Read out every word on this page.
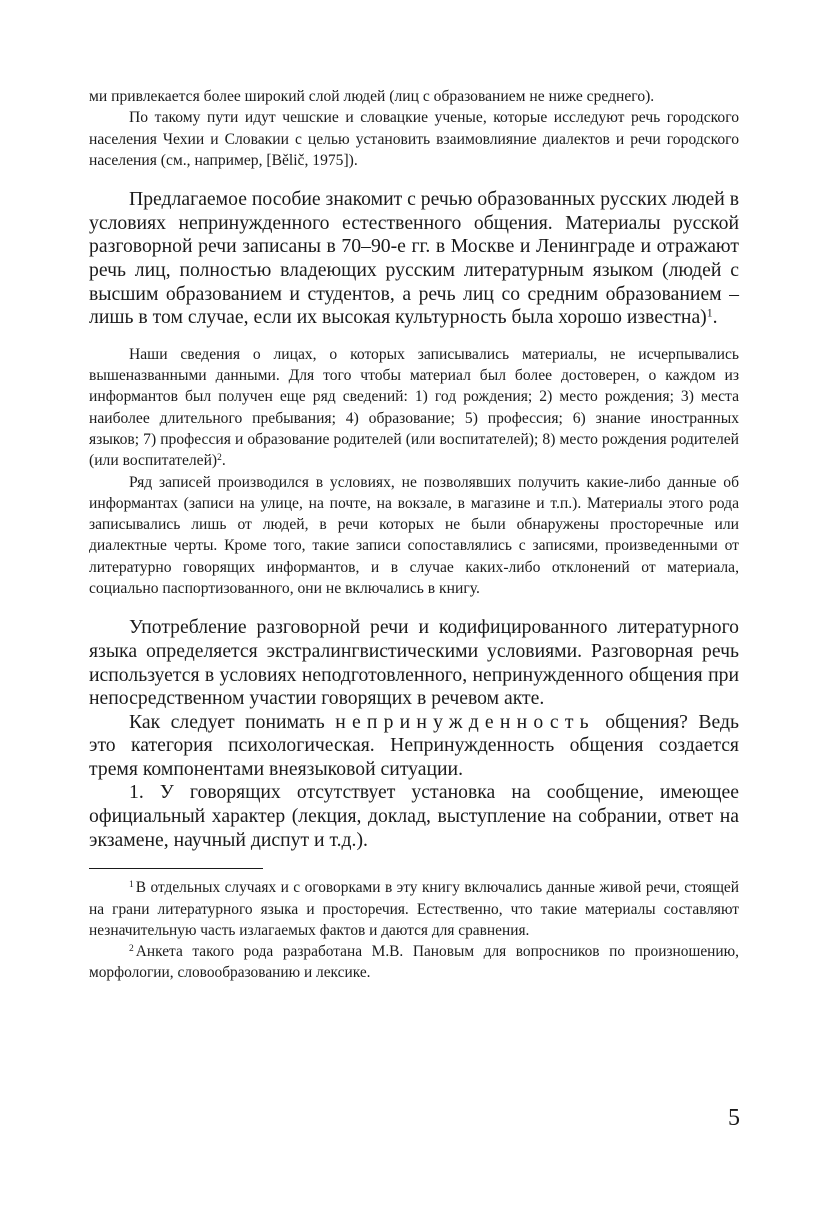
ми привлекается более широкий слой людей (лиц с образованием не ниже среднего).

По такому пути идут чешские и словацкие ученые, которые исследуют речь городского населения Чехии и Словакии с целью установить взаимовлияние диалектов и речи городского населения (см., например, [Bělič, 1975]).

Предлагаемое пособие знакомит с речью образованных русских людей в условиях непринужденного естественного общения. Материалы русской разговорной речи записаны в 70–90-е гг. в Москве и Ленинграде и отражают речь лиц, полностью владеющих русским литературным языком (людей с высшим образованием и студентов, а речь лиц со средним образованием – лишь в том случае, если их высокая культурность была хорошо известна)$^1$.

Наши сведения о лицах, о которых записывались материалы, не исчерпывались вышеназванными данными. Для того чтобы материал был более достоверен, о каждом из информантов был получен еще ряд сведений: 1) год рождения; 2) место рождения; 3) места наиболее длительного пребывания; 4) образование; 5) профессия; 6) знание иностранных языков; 7) профессия и образование родителей (или воспитателей); 8) место рождения родителей (или воспитателей)$^2$.

Ряд записей производился в условиях, не позволявших получить какие-либо данные об информантах (записи на улице, на почте, на вокзале, в магазине и т.п.). Материалы этого рода записывались лишь от людей, в речи которых не были обнаружены просторечные или диалектные черты. Кроме того, такие записи сопоставлялись с записями, произведенными от литературно говорящих информантов, и в случае каких-либо отклонений от материала, социально паспортизованного, они не включались в книгу.

Употребление разговорной речи и кодифицированного литературного языка определяется экстралингвистическими условиями. Разговорная речь используется в условиях неподготовленного, непринужденного общения при непосредственном участии говорящих в речевом акте.

Как следует понимать непринужденность общения? Ведь это категория психологическая. Непринужденность общения создается тремя компонентами внеязыковой ситуации.

1. У говорящих отсутствует установка на сообщение, имеющее официальный характер (лекция, доклад, выступление на собрании, ответ на экзамене, научный диспут и т.д.).

$^1$ В отдельных случаях и с оговорками в эту книгу включались данные живой речи, стоящей на грани литературного языка и просторечия. Естественно, что такие материалы составляют незначительную часть излагаемых фактов и даются для сравнения.

$^2$ Анкета такого рода разработана М.В. Пановым для вопросников по произношению, морфологии, словообразованию и лексике.

5
